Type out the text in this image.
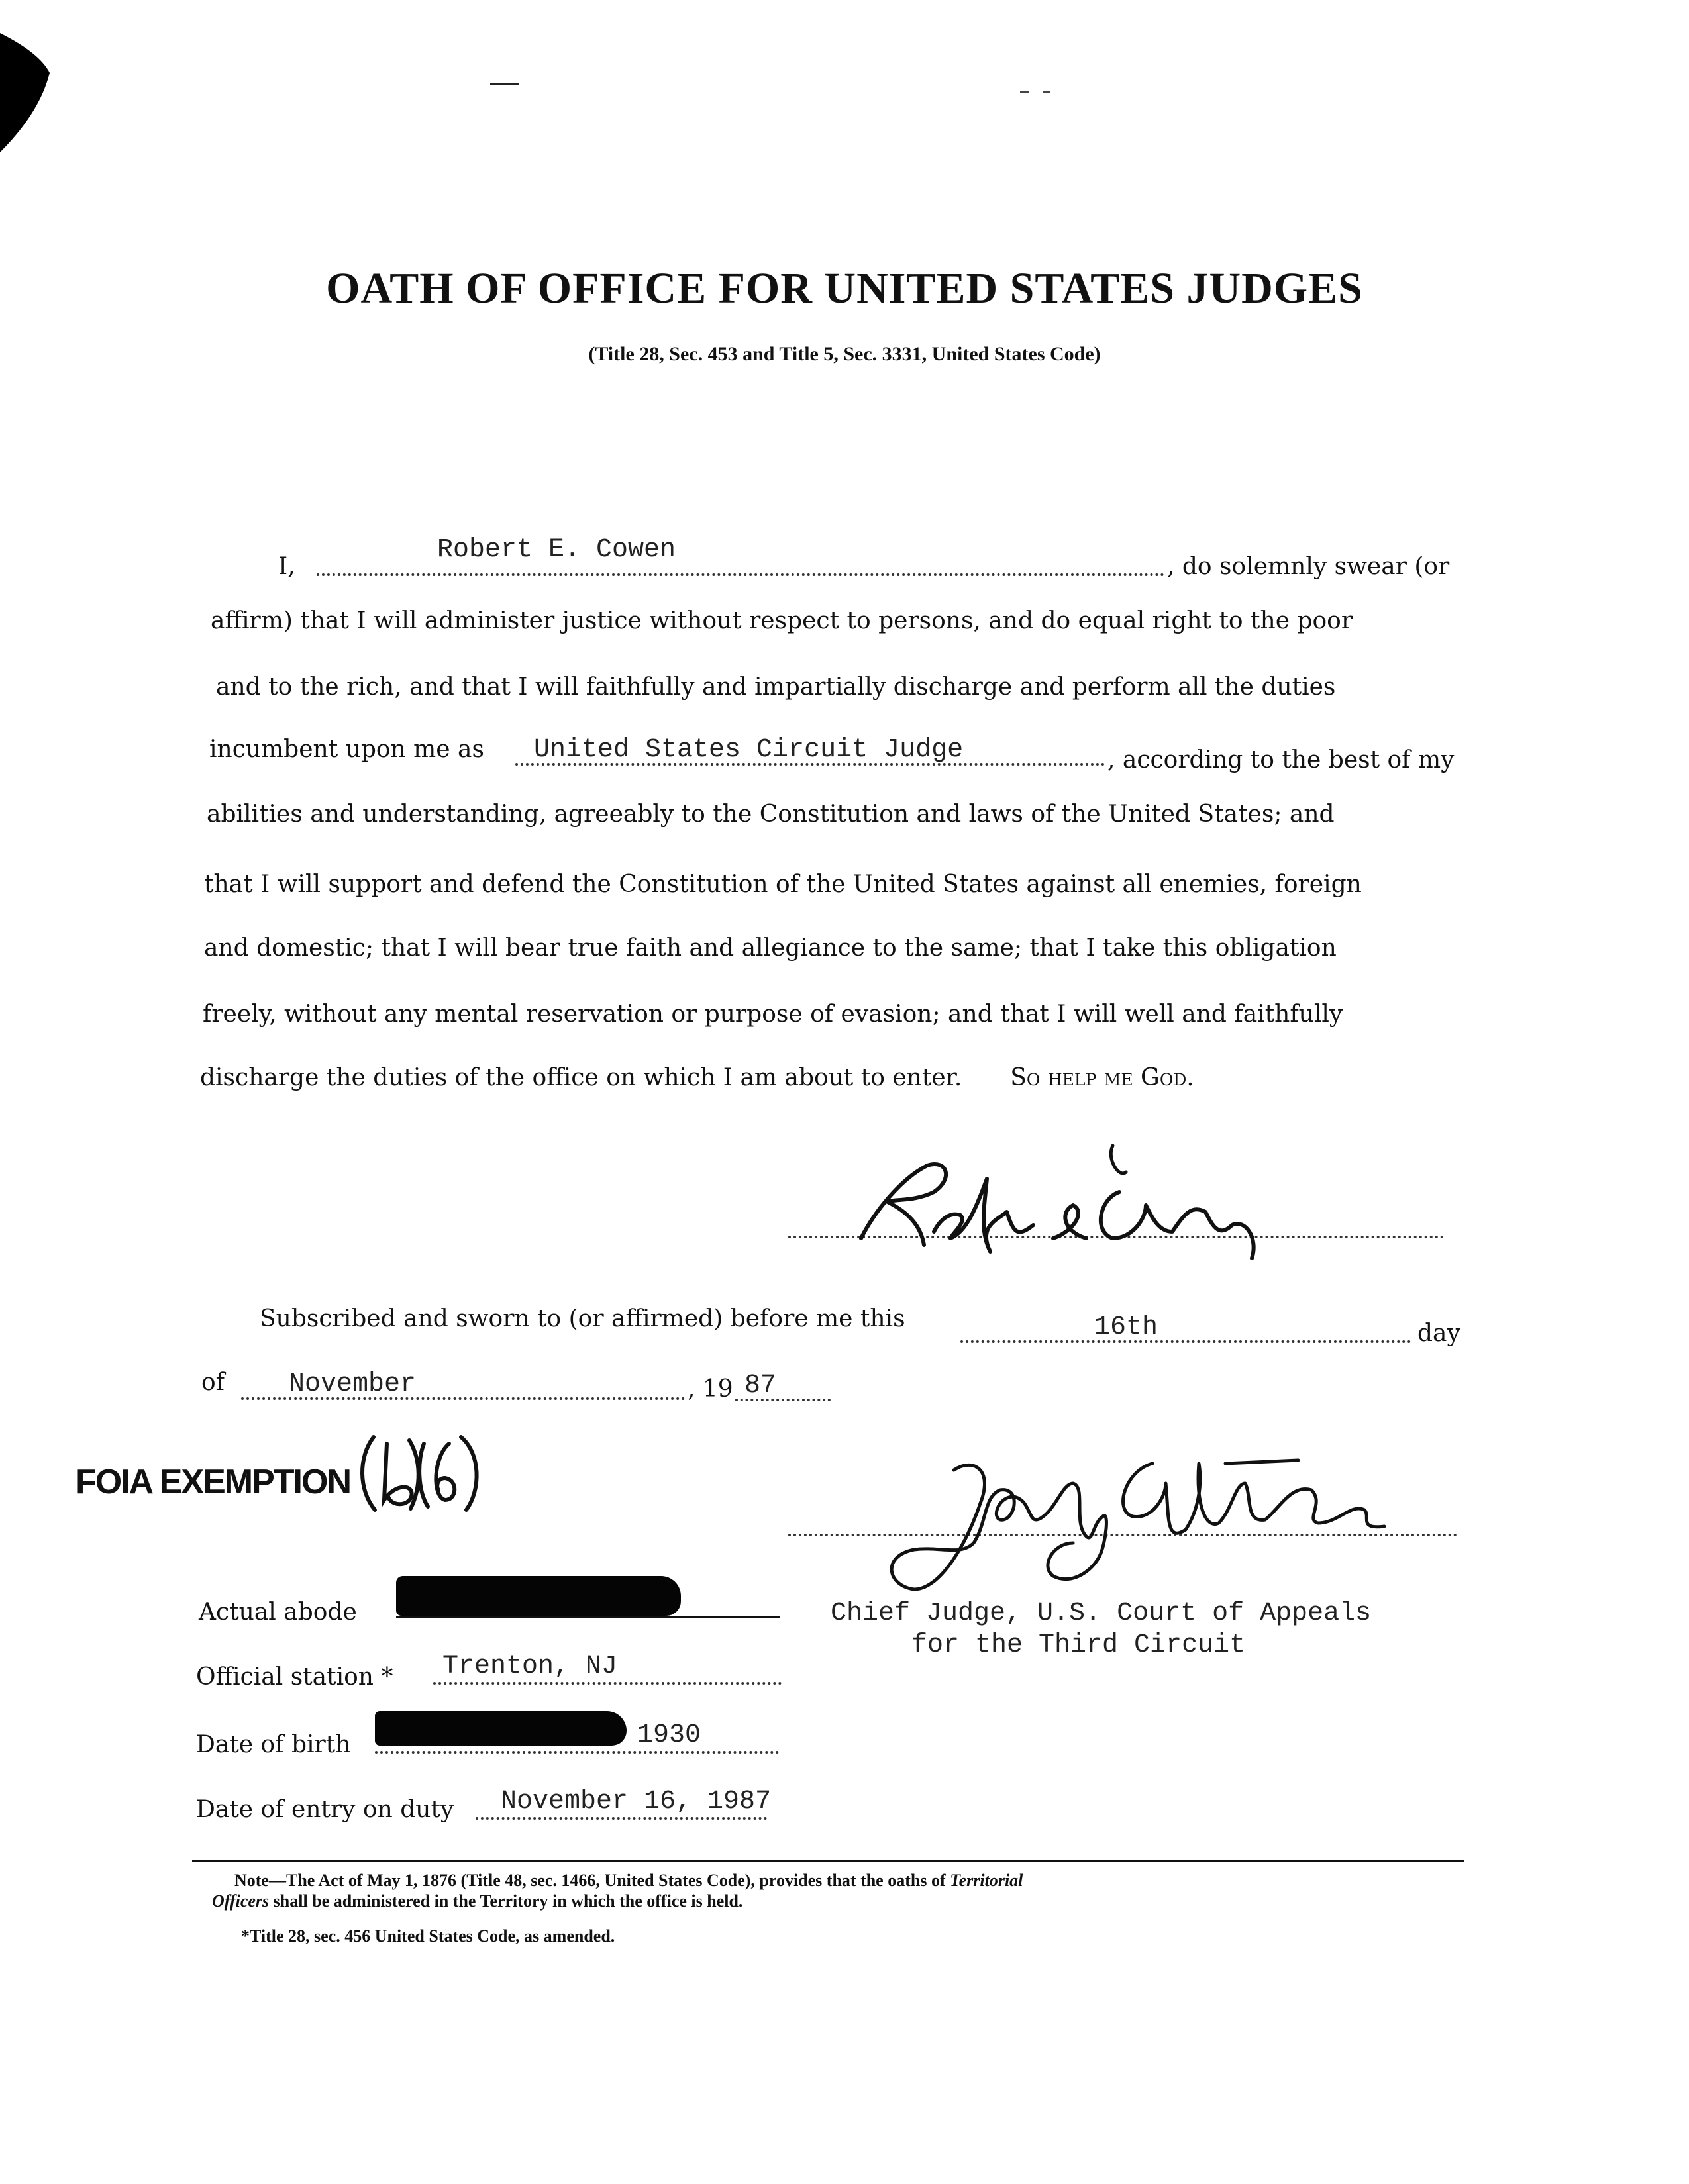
OATH OF OFFICE FOR UNITED STATES JUDGES
(Title 28, Sec. 453 and Title 5, Sec. 3331, United States Code)
I,
Robert E. Cowen
, do solemnly swear (or
affirm) that I will administer justice without respect to persons, and do equal right to the poor
and to the rich, and that I will faithfully and impartially discharge and perform all the duties
incumbent upon me as United States Circuit Judge	, according to the best of my
abilities and understanding, agreeably to the Constitution and laws of the United States; and
that I will support and defend the Constitution of the United States against all enemies, foreign
and domestic; that I will bear true faith and allegiance to the same; that I take this obligation
freely, without any mental reservation or purpose of evasion; and that I will well and faithfully
discharge the duties of the office on which I am about to enter. So help me God.
Subscribed and sworn to (or affirmed) before me this	16th	day
of November	, 19 87
FOIA EXEMPTION
Chief Judge, U.S. Court of Appeals
for the Third Circuit
Actual abode
Official station * Trenton, NJ
Date of birth	1930
Date of entry on duty November 16, 1987
Note—The Act of May 1, 1876 (Title 48, sec. 1466, United States Code), provides that the oaths of Territorial
Officers shall be administered in the Territory in which the office is held.
*Title 28, sec. 456 United States Code, as amended.
